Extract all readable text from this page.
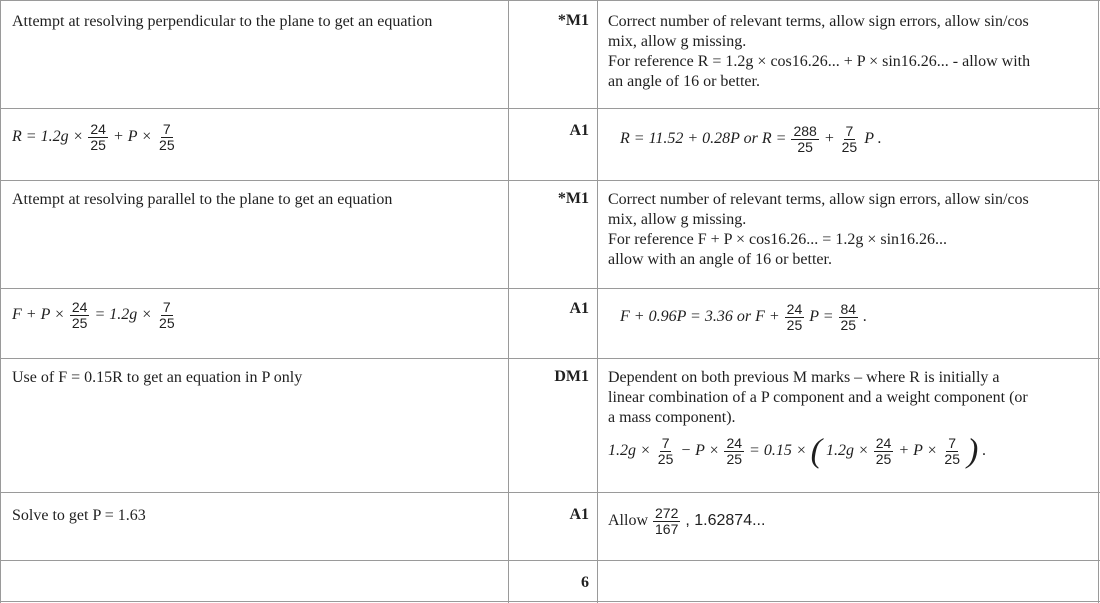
Attempt at resolving perpendicular to the plane to get an equation	*M1 Correct number of relevant terms, allow sign errors, allow sin/cos
mix, allow g missing.
For reference R = 1.2g × cos16.26... + P × sin16.26... - allow with
an angle of 16 or better.
$R = 1.2g \times \frac{24}{25} + P \times \frac{7}{25}$	A1 R = 11.52 + 0.28P or $R = \frac{288}{25} + \frac{7}{25}$ P .
Attempt at resolving parallel to the plane to get an equation	*M1 Correct number of relevant terms, allow sign errors, allow sin/cos
mix, allow g missing.
For reference F + P × cos16.26... = 1.2g × sin16.26...
allow with an angle of 16 or better.
$F + P \times \frac{24}{25} = 1.2g \times \frac{7}{25}$	A1 F + 0.96P = 3.36 or $F + \frac{24}{25}$ $P = \frac{84}{25}$ .
Use of F = 0.15R to get an equation in P only	DM1 Dependent on both previous M marks – where R is initially a
linear combination of a P component and a weight component (or
a mass component).
$1.2g \times \frac{7}{25} - P \times \frac{24}{25} = 0.15$ × ( $1.2g \times \frac{24}{25} + P \times \frac{7}{25}$ ) .
Solve to get P = 1.63	A1 Allow $\frac{272}{167}$ , 1.62874...
6
